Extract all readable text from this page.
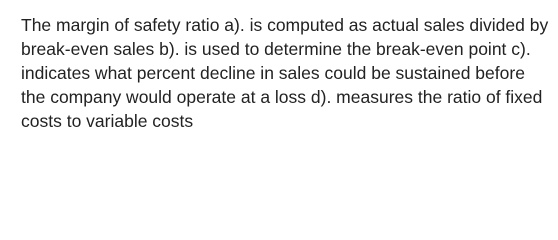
The margin of safety ratio a). is computed as actual sales divided by break-even sales b). is used to determine the break-even point c). indicates what percent decline in sales could be sustained before the company would operate at a loss d). measures the ratio of fixed costs to variable costs
